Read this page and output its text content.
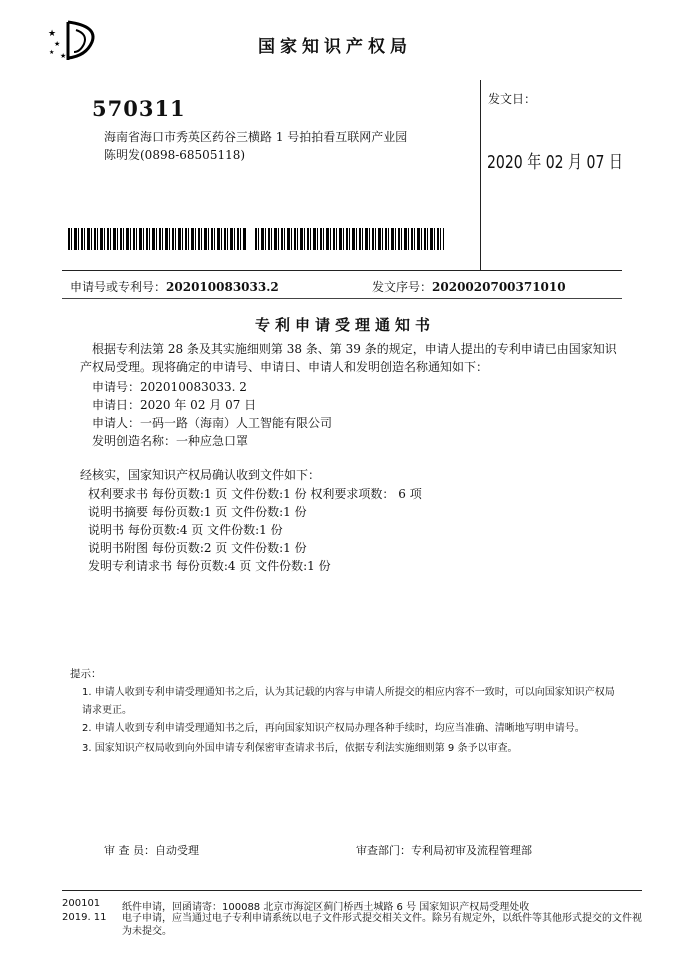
★
★
★ ★	国家知识产权局
570311
海南省海口市秀英区药谷三横路 1 号拍拍看互联网产业园
陈明发(0898-68505118)
发文日：
2020 年 02 月 07 日
申请号或专利号：202010083033.2	发文序号：2020020700371010
专利申请受理通知书
根据专利法第 28 条及其实施细则第 38 条、第 39 条的规定，申请人提出的专利申请已由国家知识产权局受理。现将确定的申请号、申请日、申请人和发明创造名称通知如下：
申请号：202010083033. 2
申请日：2020 年 02 月 07 日
申请人：一码一路（海南）人工智能有限公司
发明创造名称：一种应急口罩
经核实，国家知识产权局确认收到文件如下：
权利要求书 每份页数:1 页 文件份数:1 份 权利要求项数： 6 项
说明书摘要 每份页数:1 页 文件份数:1 份
说明书 每份页数:4 页 文件份数:1 份
说明书附图 每份页数:2 页 文件份数:1 份
发明专利请求书 每份页数:4 页 文件份数:1 份
提示：
1. 申请人收到专利申请受理通知书之后，认为其记载的内容与申请人所提交的相应内容不一致时，可以向国家知识产权局请求更正。
2. 申请人收到专利申请受理通知书之后，再向国家知识产权局办理各种手续时，均应当准确、清晰地写明申请号。
3. 国家知识产权局收到向外国申请专利保密审查请求书后，依据专利法实施细则第 9 条予以审查。
审 查 员：自动受理	审查部门：专利局初审及流程管理部
200101
2019. 11
纸件申请，回函请寄：100088 北京市海淀区蓟门桥西土城路 6 号 国家知识产权局受理处收
电子申请，应当通过电子专利申请系统以电子文件形式提交相关文件。除另有规定外，以纸件等其他形式提交的文件视为未提交。
